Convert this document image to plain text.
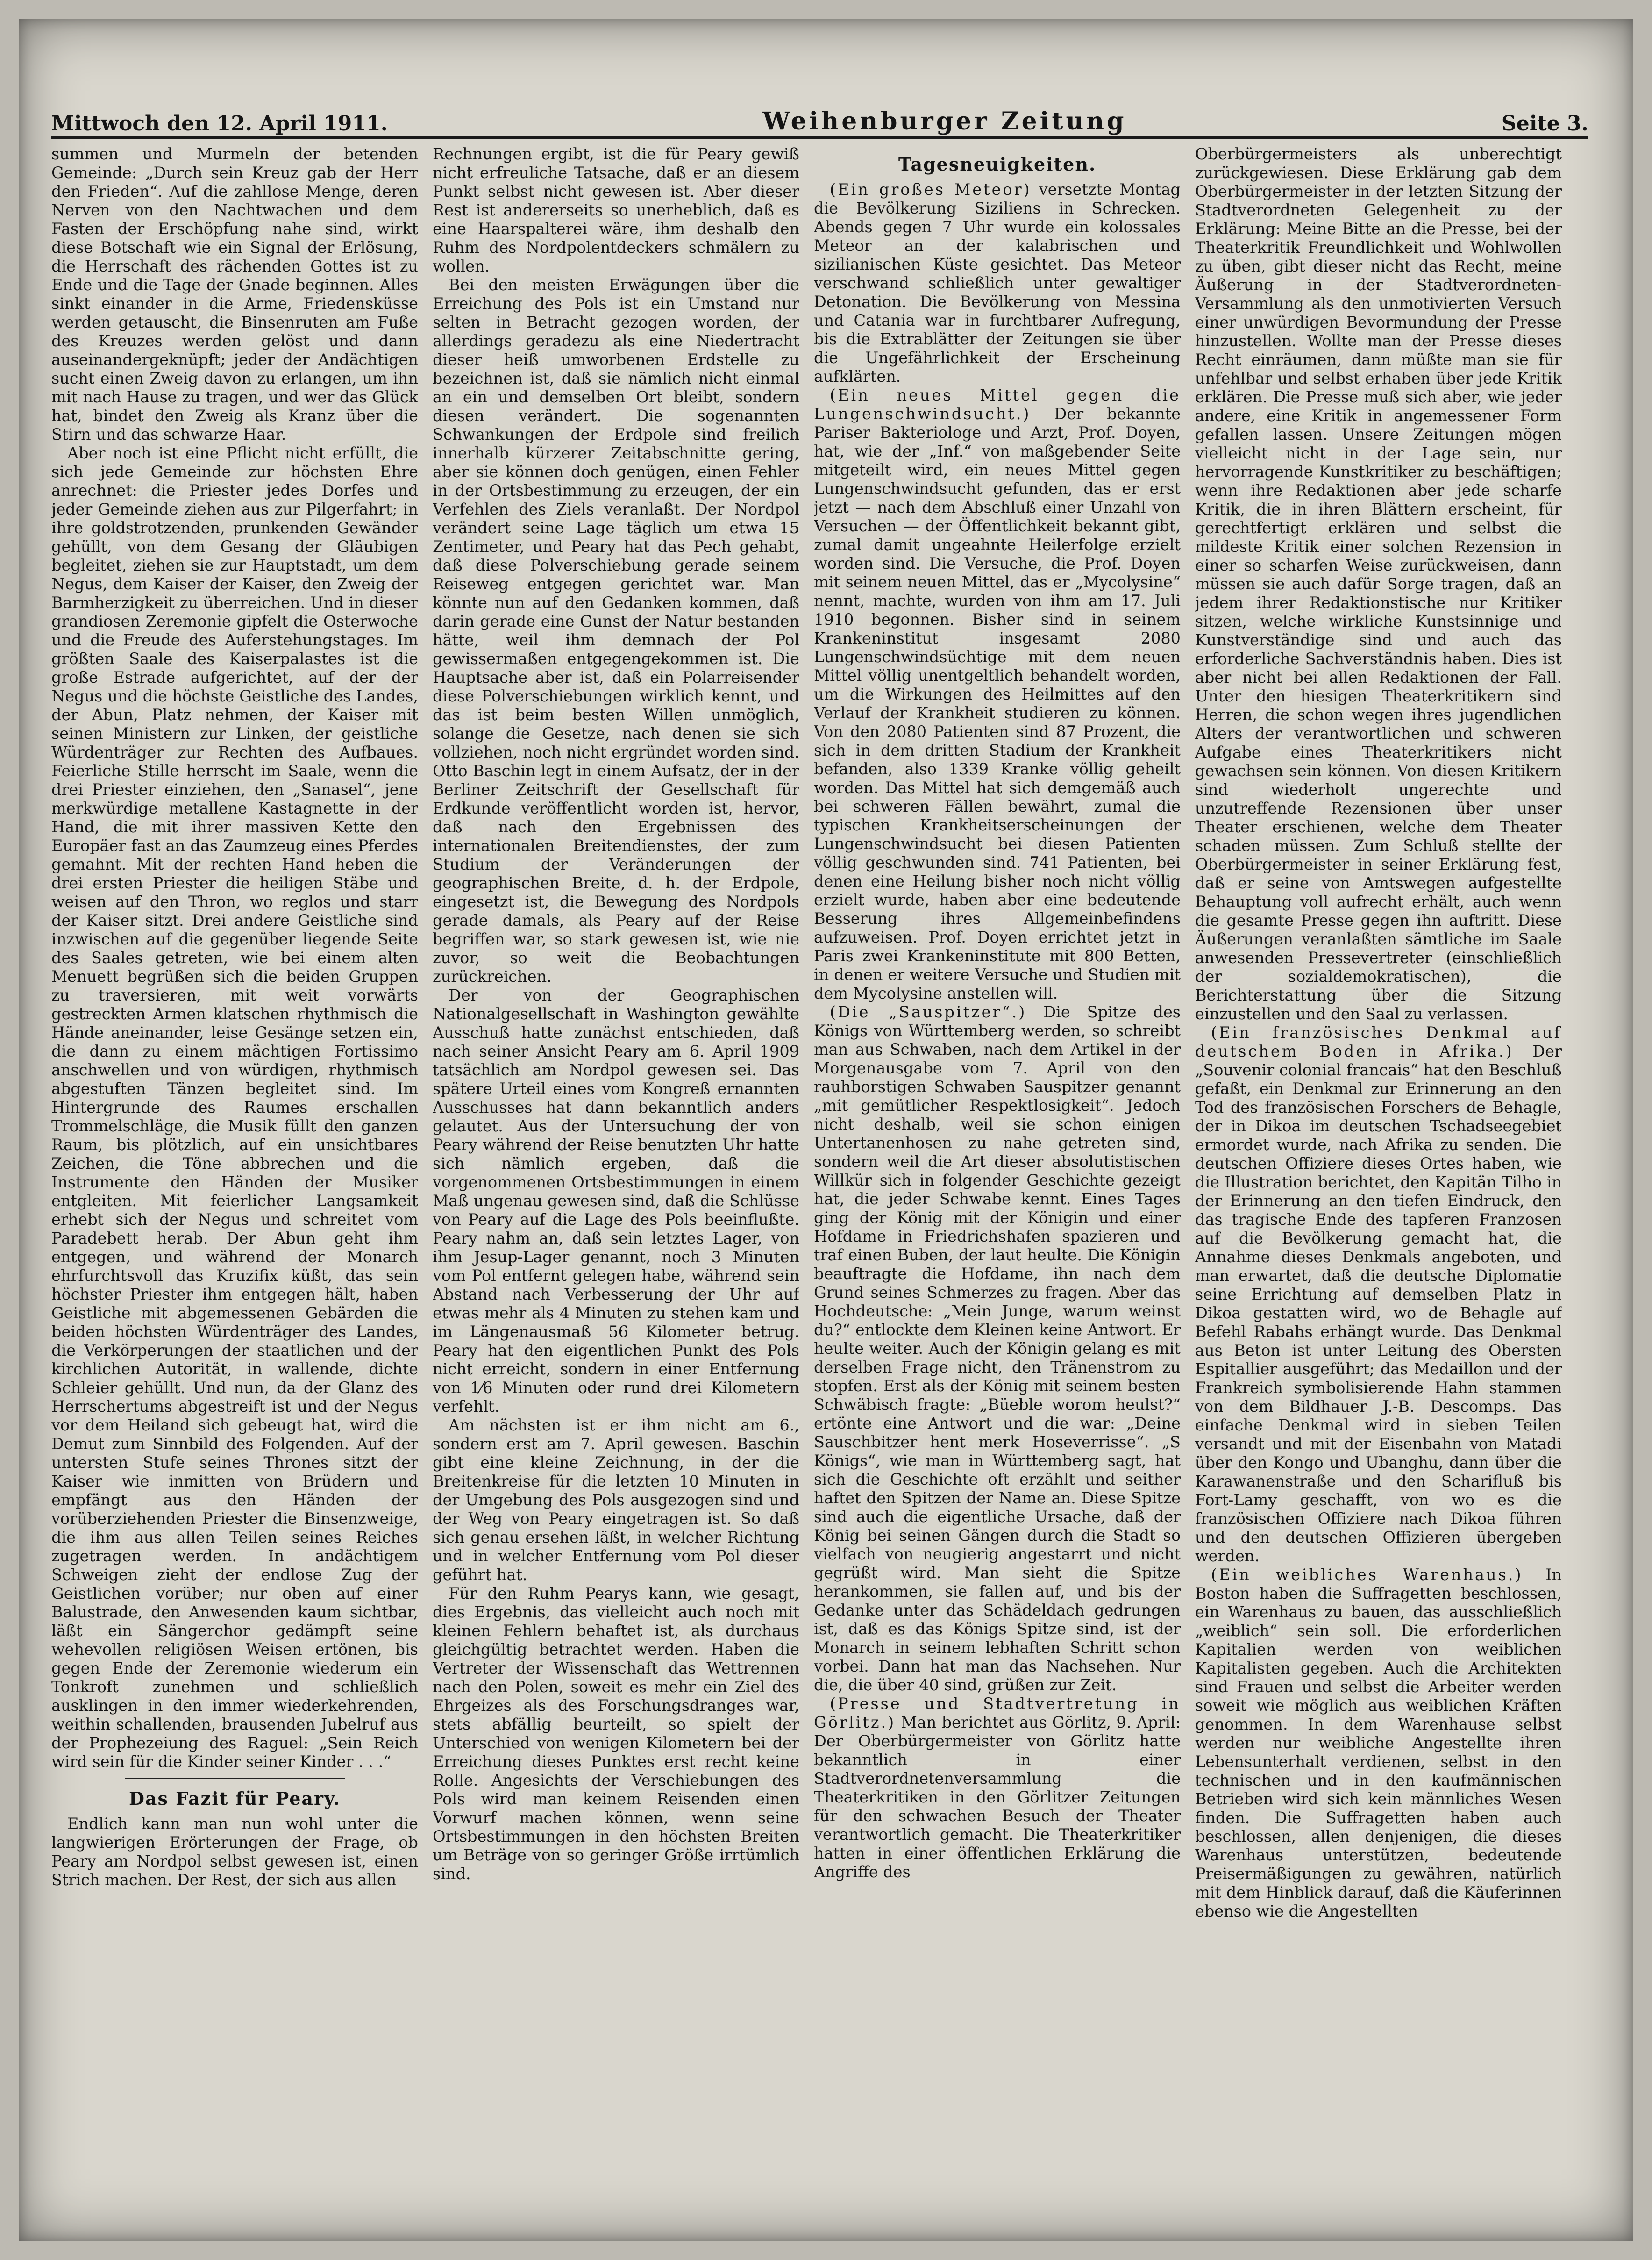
Mittwoch den 12. April 1911.	Weihenburger Zeitung	Seite 3.

summen und Murmeln der betenden Gemeinde: „Durch sein Kreuz gab der Herr den Frieden“. Auf die zahllose Menge, deren Nerven von den Nachtwachen und dem Fasten der Erschöpfung nahe sind, wirkt diese Botschaft wie ein Signal der Erlösung, die Herrschaft des rächenden Gottes ist zu Ende und die Tage der Gnade beginnen. Alles sinkt einander in die Arme, Friedensküsse werden getauscht, die Binsenruten am Fuße des Kreuzes werden gelöst und dann auseinandergeknüpft; jeder der Andächtigen sucht einen Zweig davon zu erlangen, um ihn mit nach Hause zu tragen, und wer das Glück hat, bindet den Zweig als Kranz über die Stirn und das schwarze Haar.

Aber noch ist eine Pflicht nicht erfüllt, die sich jede Gemeinde zur höchsten Ehre anrechnet: die Priester jedes Dorfes und jeder Gemeinde ziehen aus zur Pilgerfahrt; in ihre goldstrotzenden, prunkenden Gewänder gehüllt, von dem Gesang der Gläubigen begleitet, ziehen sie zur Hauptstadt, um dem Negus, dem Kaiser der Kaiser, den Zweig der Barmherzigkeit zu überreichen. Und in dieser grandiosen Zeremonie gipfelt die Osterwoche und die Freude des Auferstehungstages. Im größten Saale des Kaiserpalastes ist die große Estrade aufgerichtet, auf der der Negus und die höchste Geistliche des Landes, der Abun, Platz nehmen, der Kaiser mit seinen Ministern zur Linken, der geistliche Würdenträger zur Rechten des Aufbaues. Feierliche Stille herrscht im Saale, wenn die drei Priester einziehen, den „Sanasel“, jene merkwürdige metallene Kastagnette in der Hand, die mit ihrer massiven Kette den Europäer fast an das Zaumzeug eines Pferdes gemahnt. Mit der rechten Hand heben die drei ersten Priester die heiligen Stäbe und weisen auf den Thron, wo reglos und starr der Kaiser sitzt. Drei andere Geistliche sind inzwischen auf die gegenüber liegende Seite des Saales getreten, wie bei einem alten Menuett begrüßen sich die beiden Gruppen zu traversieren, mit weit vorwärts gestreckten Armen klatschen rhythmisch die Hände aneinander, leise Gesänge setzen ein, die dann zu einem mächtigen Fortissimo anschwellen und von würdigen, rhythmisch abgestuften Tänzen begleitet sind. Im Hintergrunde des Raumes erschallen Trommelschläge, die Musik füllt den ganzen Raum, bis plötzlich, auf ein unsichtbares Zeichen, die Töne abbrechen und die Instrumente den Händen der Musiker entgleiten. Mit feierlicher Langsamkeit erhebt sich der Negus und schreitet vom Paradebett herab. Der Abun geht ihm entgegen, und während der Monarch ehrfurchtsvoll das Kruzifix küßt, das sein höchster Priester ihm entgegen hält, haben Geistliche mit abgemessenen Gebärden die beiden höchsten Würdenträger des Landes, die Verkörperungen der staatlichen und der kirchlichen Autorität, in wallende, dichte Schleier gehüllt. Und nun, da der Glanz des Herrschertums abgestreift ist und der Negus vor dem Heiland sich gebeugt hat, wird die Demut zum Sinnbild des Folgenden. Auf der untersten Stufe seines Thrones sitzt der Kaiser wie inmitten von Brüdern und empfängt aus den Händen der vorüberziehenden Priester die Binsenzweige, die ihm aus allen Teilen seines Reiches zugetragen werden. In andächtigem Schweigen zieht der endlose Zug der Geistlichen vorüber; nur oben auf einer Balustrade, den Anwesenden kaum sichtbar, läßt ein Sängerchor gedämpft seine wehevollen religiösen Weisen ertönen, bis gegen Ende der Zeremonie wiederum ein Tonkroft zunehmen und schließlich ausklingen in den immer wiederkehrenden, weithin schallenden, brausenden Jubelruf aus der Prophezeiung des Raguel: „Sein Reich wird sein für die Kinder seiner Kinder . . .“

Das Fazit für Peary.

Endlich kann man nun wohl unter die langwierigen Erörterungen der Frage, ob Peary am Nordpol selbst gewesen ist, einen Strich machen. Der Rest, der sich aus allen

Rechnungen ergibt, ist die für Peary gewiß nicht erfreuliche Tatsache, daß er an diesem Punkt selbst nicht gewesen ist. Aber dieser Rest ist andererseits so unerheblich, daß es eine Haarspalterei wäre, ihm deshalb den Ruhm des Nordpolentdeckers schmälern zu wollen.

Bei den meisten Erwägungen über die Erreichung des Pols ist ein Umstand nur selten in Betracht gezogen worden, der allerdings geradezu als eine Niedertracht dieser heiß umworbenen Erdstelle zu bezeichnen ist, daß sie nämlich nicht einmal an ein und demselben Ort bleibt, sondern diesen verändert. Die sogenannten Schwankungen der Erdpole sind freilich innerhalb kürzerer Zeitabschnitte gering, aber sie können doch genügen, einen Fehler in der Ortsbestimmung zu erzeugen, der ein Verfehlen des Ziels veranlaßt. Der Nordpol verändert seine Lage täglich um etwa 15 Zentimeter, und Peary hat das Pech gehabt, daß diese Polverschiebung gerade seinem Reiseweg entgegen gerichtet war. Man könnte nun auf den Gedanken kommen, daß darin gerade eine Gunst der Natur bestanden hätte, weil ihm demnach der Pol gewissermaßen entgegengekommen ist. Die Hauptsache aber ist, daß ein Polarreisender diese Polverschiebungen wirklich kennt, und das ist beim besten Willen unmöglich, solange die Gesetze, nach denen sie sich vollziehen, noch nicht ergründet worden sind. Otto Baschin legt in einem Aufsatz, der in der Berliner Zeitschrift der Gesellschaft für Erdkunde veröffentlicht worden ist, hervor, daß nach den Ergebnissen des internationalen Breitendienstes, der zum Studium der Veränderungen der geographischen Breite, d. h. der Erdpole, eingesetzt ist, die Bewegung des Nordpols gerade damals, als Peary auf der Reise begriffen war, so stark gewesen ist, wie nie zuvor, so weit die Beobachtungen zurückreichen.

Der von der Geographischen Nationalgesellschaft in Washington gewählte Ausschuß hatte zunächst entschieden, daß nach seiner Ansicht Peary am 6. April 1909 tatsächlich am Nordpol gewesen sei. Das spätere Urteil eines vom Kongreß ernannten Ausschusses hat dann bekanntlich anders gelautet. Aus der Untersuchung der von Peary während der Reise benutzten Uhr hatte sich nämlich ergeben, daß die vorgenommenen Ortsbestimmungen in einem Maß ungenau gewesen sind, daß die Schlüsse von Peary auf die Lage des Pols beeinflußte. Peary nahm an, daß sein letztes Lager, von ihm Jesup-Lager genannt, noch 3 Minuten vom Pol entfernt gelegen habe, während sein Abstand nach Verbesserung der Uhr auf etwas mehr als 4 Minuten zu stehen kam und im Längenausmaß 56 Kilometer betrug. Peary hat den eigentlichen Punkt des Pols nicht erreicht, sondern in einer Entfernung von 1⁄6 Minuten oder rund drei Kilometern verfehlt.

Am nächsten ist er ihm nicht am 6., sondern erst am 7. April gewesen. Baschin gibt eine kleine Zeichnung, in der die Breitenkreise für die letzten 10 Minuten in der Umgebung des Pols ausgezogen sind und der Weg von Peary eingetragen ist. So daß sich genau ersehen läßt, in welcher Richtung und in welcher Entfernung vom Pol dieser geführt hat.

Für den Ruhm Pearys kann, wie gesagt, dies Ergebnis, das vielleicht auch noch mit kleinen Fehlern behaftet ist, als durchaus gleichgültig betrachtet werden. Haben die Vertreter der Wissenschaft das Wettrennen nach den Polen, soweit es mehr ein Ziel des Ehrgeizes als des Forschungsdranges war, stets abfällig beurteilt, so spielt der Unterschied von wenigen Kilometern bei der Erreichung dieses Punktes erst recht keine Rolle. Angesichts der Verschiebungen des Pols wird man keinem Reisenden einen Vorwurf machen können, wenn seine Ortsbestimmungen in den höchsten Breiten um Beträge von so geringer Größe irrtümlich sind.

Tagesneuigkeiten.

(Ein großes Meteor) versetzte Montag die Bevölkerung Siziliens in Schrecken. Abends gegen 7 Uhr wurde ein kolossales Meteor an der kalabrischen und sizilianischen Küste gesichtet. Das Meteor verschwand schließlich unter gewaltiger Detonation. Die Bevölkerung von Messina und Catania war in furchtbarer Aufregung, bis die Extrablätter der Zeitungen sie über die Ungefährlichkeit der Erscheinung aufklärten.

(Ein neues Mittel gegen die Lungenschwindsucht.) Der bekannte Pariser Bakteriologe und Arzt, Prof. Doyen, hat, wie der „Inf.“ von maßgebender Seite mitgeteilt wird, ein neues Mittel gegen Lungenschwindsucht gefunden, das er erst jetzt — nach dem Abschluß einer Unzahl von Versuchen — der Öffentlichkeit bekannt gibt, zumal damit ungeahnte Heilerfolge erzielt worden sind. Die Versuche, die Prof. Doyen mit seinem neuen Mittel, das er „Mycolysine“ nennt, machte, wurden von ihm am 17. Juli 1910 begonnen. Bisher sind in seinem Krankeninstitut insgesamt 2080 Lungenschwindsüchtige mit dem neuen Mittel völlig unentgeltlich behandelt worden, um die Wirkungen des Heilmittes auf den Verlauf der Krankheit studieren zu können. Von den 2080 Patienten sind 87 Prozent, die sich in dem dritten Stadium der Krankheit befanden, also 1339 Kranke völlig geheilt worden. Das Mittel hat sich demgemäß auch bei schweren Fällen bewährt, zumal die typischen Krankheitserscheinungen der Lungenschwindsucht bei diesen Patienten völlig geschwunden sind. 741 Patienten, bei denen eine Heilung bisher noch nicht völlig erzielt wurde, haben aber eine bedeutende Besserung ihres Allgemeinbefindens aufzuweisen. Prof. Doyen errichtet jetzt in Paris zwei Krankeninstitute mit 800 Betten, in denen er weitere Versuche und Studien mit dem Mycolysine anstellen will.

(Die „Sauspitzer“.) Die Spitze des Königs von Württemberg werden, so schreibt man aus Schwaben, nach dem Artikel in der Morgenausgabe vom 7. April von den rauhborstigen Schwaben Sauspitzer genannt „mit gemütlicher Respektlosigkeit“. Jedoch nicht deshalb, weil sie schon einigen Untertanenhosen zu nahe getreten sind, sondern weil die Art dieser absolutistischen Willkür sich in folgender Geschichte gezeigt hat, die jeder Schwabe kennt. Eines Tages ging der König mit der Königin und einer Hofdame in Friedrichshafen spazieren und traf einen Buben, der laut heulte. Die Königin beauftragte die Hofdame, ihn nach dem Grund seines Schmerzes zu fragen. Aber das Hochdeutsche: „Mein Junge, warum weinst du?“ entlockte dem Kleinen keine Antwort. Er heulte weiter. Auch der Königin gelang es mit derselben Frage nicht, den Tränenstrom zu stopfen. Erst als der König mit seinem besten Schwäbisch fragte: „Büeble worom heulst?“ ertönte eine Antwort und die war: „Deine Sauschbitzer hent merk Hoseverrisse“. „S Königs“, wie man in Württemberg sagt, hat sich die Geschichte oft erzählt und seither haftet den Spitzen der Name an. Diese Spitze sind auch die eigentliche Ursache, daß der König bei seinen Gängen durch die Stadt so vielfach von neugierig angestarrt und nicht gegrüßt wird. Man sieht die Spitze herankommen, sie fallen auf, und bis der Gedanke unter das Schädeldach gedrungen ist, daß es das Königs Spitze sind, ist der Monarch in seinem lebhaften Schritt schon vorbei. Dann hat man das Nachsehen. Nur die, die über 40 sind, grüßen zur Zeit.

(Presse und Stadtvertretung in Görlitz.) Man berichtet aus Görlitz, 9. April: Der Oberbürgermeister von Görlitz hatte bekanntlich in einer Stadtverordnetenversammlung die Theaterkritiken in den Görlitzer Zeitungen für den schwachen Besuch der Theater verantwortlich gemacht. Die Theaterkritiker hatten in einer öffentlichen Erklärung die Angriffe des

Oberbürgermeisters als unberechtigt zurückgewiesen. Diese Erklärung gab dem Oberbürgermeister in der letzten Sitzung der Stadtverordneten Gelegenheit zu der Erklärung: Meine Bitte an die Presse, bei der Theaterkritik Freundlichkeit und Wohlwollen zu üben, gibt dieser nicht das Recht, meine Äußerung in der Stadtverordneten-Versammlung als den unmotivierten Versuch einer unwürdigen Bevormundung der Presse hinzustellen. Wollte man der Presse dieses Recht einräumen, dann müßte man sie für unfehlbar und selbst erhaben über jede Kritik erklären. Die Presse muß sich aber, wie jeder andere, eine Kritik in angemessener Form gefallen lassen. Unsere Zeitungen mögen vielleicht nicht in der Lage sein, nur hervorragende Kunstkritiker zu beschäftigen; wenn ihre Redaktionen aber jede scharfe Kritik, die in ihren Blättern erscheint, für gerechtfertigt erklären und selbst die mildeste Kritik einer solchen Rezension in einer so scharfen Weise zurückweisen, dann müssen sie auch dafür Sorge tragen, daß an jedem ihrer Redaktionstische nur Kritiker sitzen, welche wirkliche Kunstsinnige und Kunstverständige sind und auch das erforderliche Sachverständnis haben. Dies ist aber nicht bei allen Redaktionen der Fall. Unter den hiesigen Theaterkritikern sind Herren, die schon wegen ihres jugendlichen Alters der verantwortlichen und schweren Aufgabe eines Theaterkritikers nicht gewachsen sein können. Von diesen Kritikern sind wiederholt ungerechte und unzutreffende Rezensionen über unser Theater erschienen, welche dem Theater schaden müssen. Zum Schluß stellte der Oberbürgermeister in seiner Erklärung fest, daß er seine von Amtswegen aufgestellte Behauptung voll aufrecht erhält, auch wenn die gesamte Presse gegen ihn auftritt. Diese Äußerungen veranlaßten sämtliche im Saale anwesenden Pressevertreter (einschließlich der sozialdemokratischen), die Berichterstattung über die Sitzung einzustellen und den Saal zu verlassen.

(Ein französisches Denkmal auf deutschem Boden in Afrika.) Der „Souvenir colonial francais“ hat den Beschluß gefaßt, ein Denkmal zur Erinnerung an den Tod des französischen Forschers de Behagle, der in Dikoa im deutschen Tschadseegebiet ermordet wurde, nach Afrika zu senden. Die deutschen Offiziere dieses Ortes haben, wie die Illustration berichtet, den Kapitän Tilho in der Erinnerung an den tiefen Eindruck, den das tragische Ende des tapferen Franzosen auf die Bevölkerung gemacht hat, die Annahme dieses Denkmals angeboten, und man erwartet, daß die deutsche Diplomatie seine Errichtung auf demselben Platz in Dikoa gestatten wird, wo de Behagle auf Befehl Rabahs erhängt wurde. Das Denkmal aus Beton ist unter Leitung des Obersten Espitallier ausgeführt; das Medaillon und der Frankreich symbolisierende Hahn stammen von dem Bildhauer J.-B. Descomps. Das einfache Denkmal wird in sieben Teilen versandt und mit der Eisenbahn von Matadi über den Kongo und Ubanghu, dann über die Karawanenstraße und den Scharifluß bis Fort-Lamy geschafft, von wo es die französischen Offiziere nach Dikoa führen und den deutschen Offizieren übergeben werden.

(Ein weibliches Warenhaus.) In Boston haben die Suffragetten beschlossen, ein Warenhaus zu bauen, das ausschließlich „weiblich“ sein soll. Die erforderlichen Kapitalien werden von weiblichen Kapitalisten gegeben. Auch die Architekten sind Frauen und selbst die Arbeiter werden soweit wie möglich aus weiblichen Kräften genommen. In dem Warenhause selbst werden nur weibliche Angestellte ihren Lebensunterhalt verdienen, selbst in den technischen und in den kaufmännischen Betrieben wird sich kein männliches Wesen finden. Die Suffragetten haben auch beschlossen, allen denjenigen, die dieses Warenhaus unterstützen, bedeutende Preisermäßigungen zu gewähren, natürlich mit dem Hinblick darauf, daß die Käuferinnen ebenso wie die Angestellten
